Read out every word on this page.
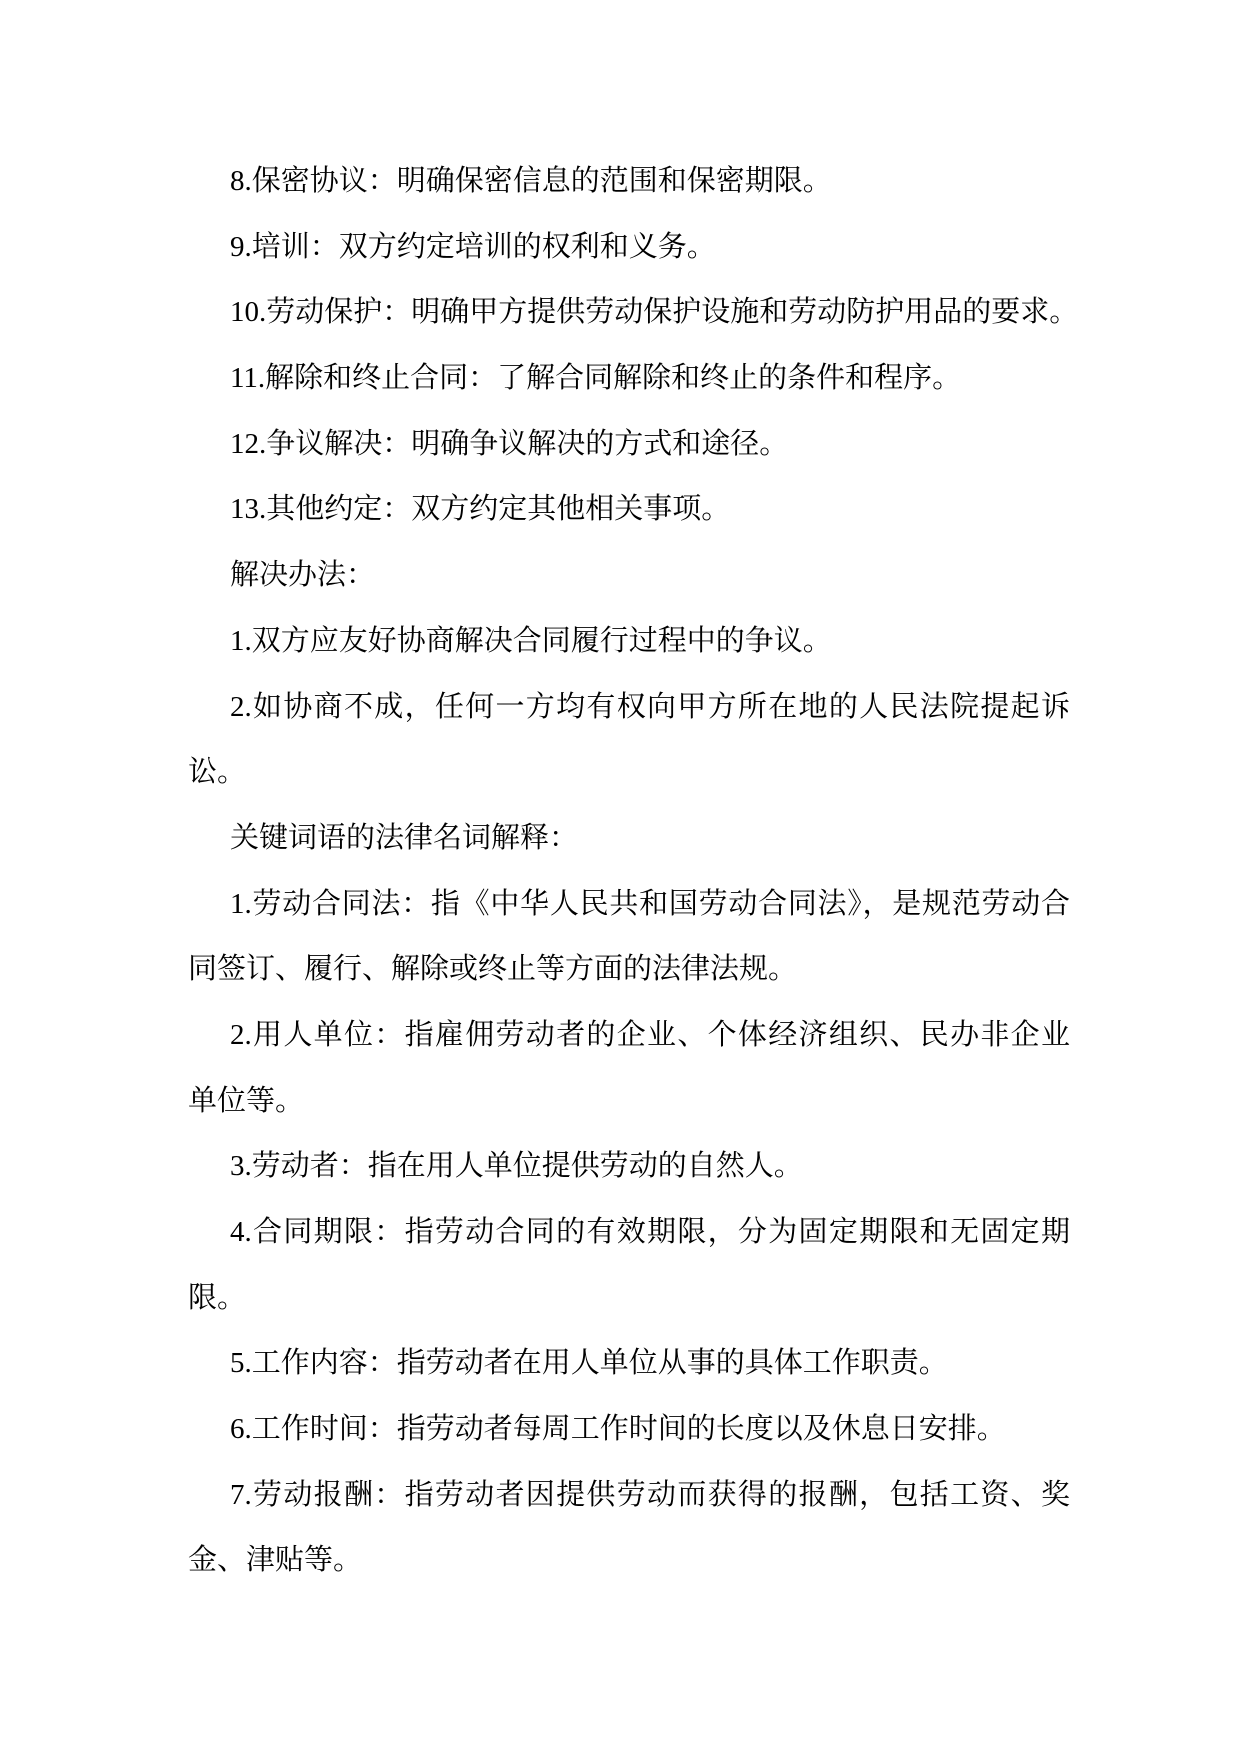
8.保密协议：明确保密信息的范围和保密期限。
9.培训：双方约定培训的权利和义务。
10.劳动保护：明确甲方提供劳动保护设施和劳动防护用品的要求。
11.解除和终止合同：了解合同解除和终止的条件和程序。
12.争议解决：明确争议解决的方式和途径。
13.其他约定：双方约定其他相关事项。
解决办法：
1.双方应友好协商解决合同履行过程中的争议。
2.如协商不成，任何一方均有权向甲方所在地的人民法院提起诉
讼。
关键词语的法律名词解释：
1.劳动合同法：指《中华人民共和国劳动合同法》，是规范劳动合
同签订、履行、解除或终止等方面的法律法规。
2.用人单位：指雇佣劳动者的企业、个体经济组织、民办非企业
单位等。
3.劳动者：指在用人单位提供劳动的自然人。
4.合同期限：指劳动合同的有效期限，分为固定期限和无固定期
限。
5.工作内容：指劳动者在用人单位从事的具体工作职责。
6.工作时间：指劳动者每周工作时间的长度以及休息日安排。
7.劳动报酬：指劳动者因提供劳动而获得的报酬，包括工资、奖
金、津贴等。
